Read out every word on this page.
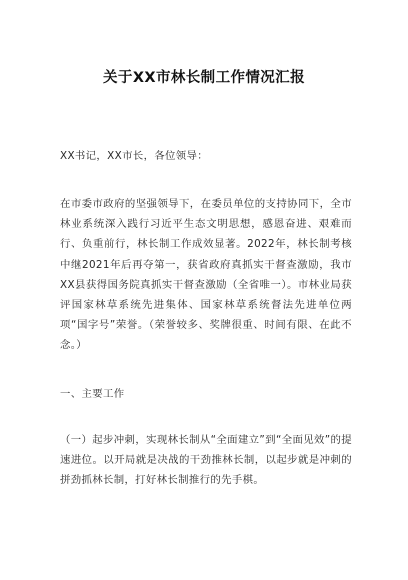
关于XX市林长制工作情况汇报

XX书记，XX市长，各位领导：

在市委市政府的坚强领导下，在委员单位的支持协同下，全市林业系统深入践行习近平生态文明思想，感恩奋进、艰难而行、负重前行，林长制工作成效显著。2022年，林长制考核中继2021年后再夺第一，获省政府真抓实干督查激励，我市XX县获得国务院真抓实干督查激励（全省唯一）。市林业局获评国家林草系统先进集体、国家林草系统督法先进单位两项“国字号”荣誉。（荣誉较多、奖牌很重、时间有限、在此不念。）

一、主要工作

（一）起步冲刺，实现林长制从“全面建立”到“全面见效”的提速进位。以开局就是决战的干劲推林长制，以起步就是冲刺的拼劲抓林长制，打好林长制推行的先手棋。
